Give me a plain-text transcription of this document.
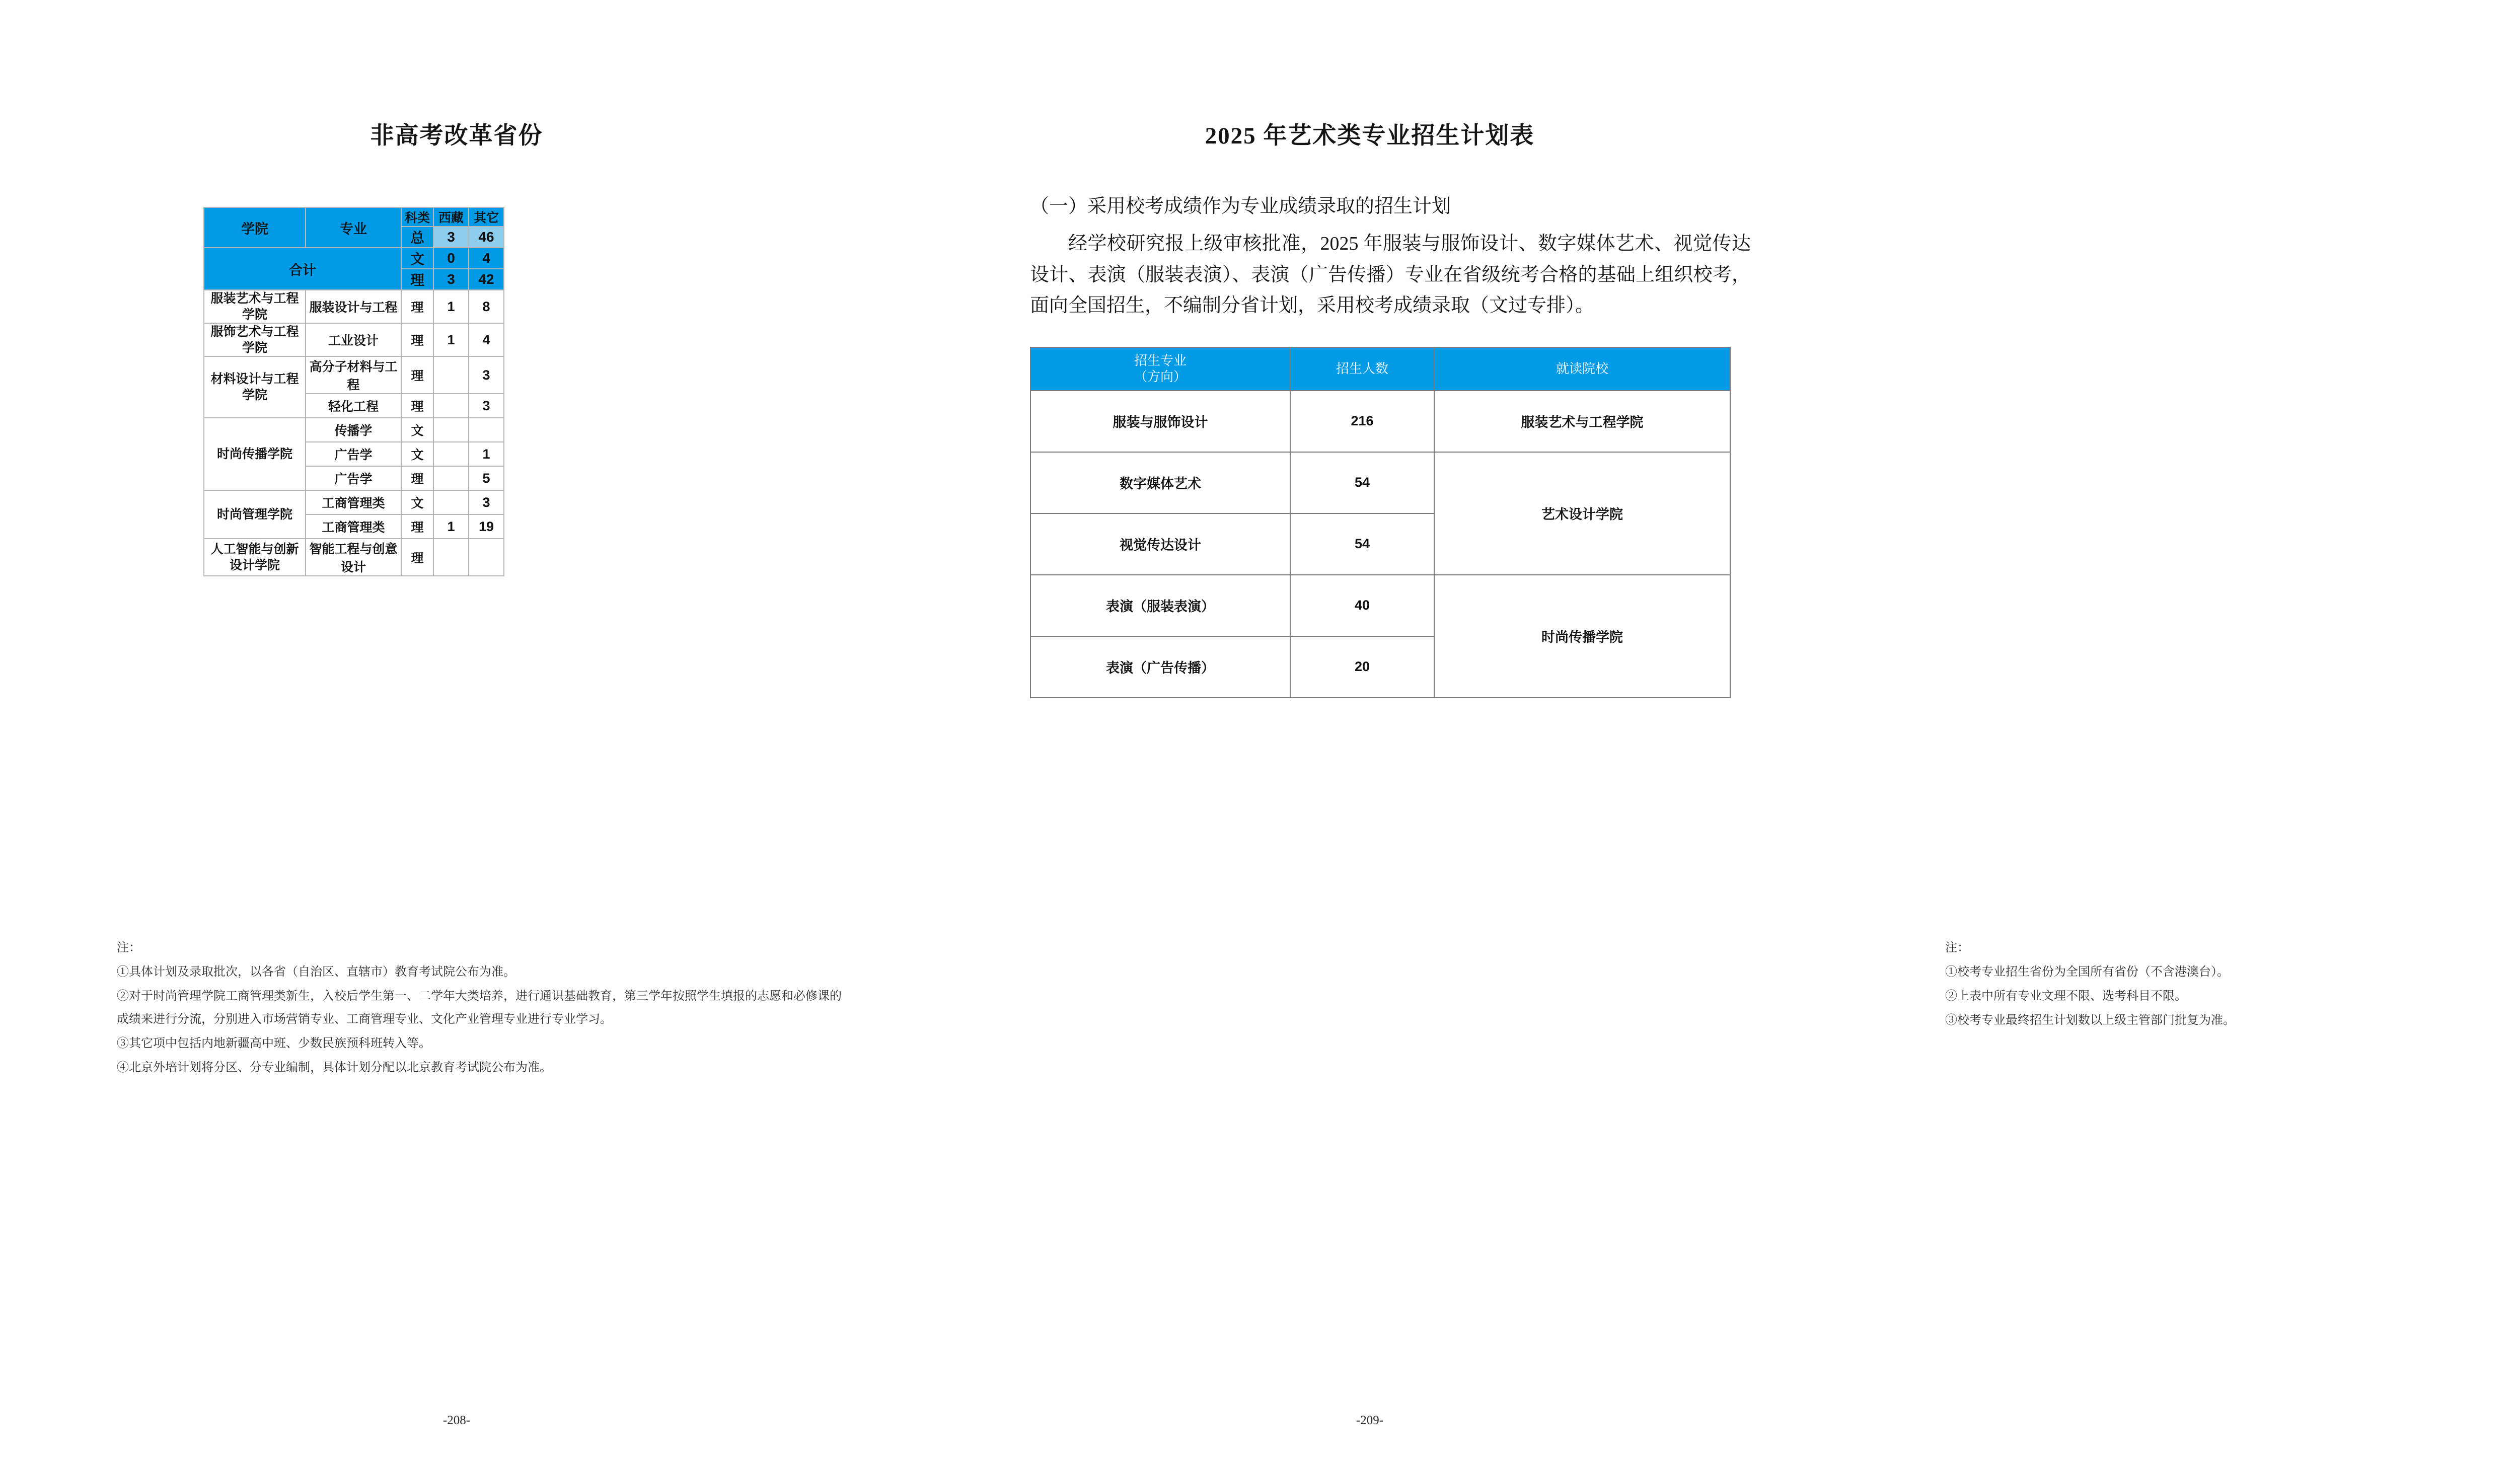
非高考改革省份
学院	专业	科类	西藏	其它
		总	3	46
合计		文	0	4
		理	3	42
服装艺术与工程学院	服装设计与工程	理	1	8
服饰艺术与工程学院	工业设计	理	1	4
材料设计与工程学院	高分子材料与工程	理		3
	轻化工程	理		3
时尚传播学院	传播学	文		
	广告学	文		1
	广告学	理		5
时尚管理学院	工商管理类	文		3
	工商管理类	理	1	19
人工智能与创新设计学院	智能工程与创意设计	理		
注：
①具体计划及录取批次，以各省（自治区、直辖市）教育考试院公布为准。
②对于时尚管理学院工商管理类新生，入校后学生第一、二学年大类培养，进行通识基础教育，第三学年按照学生填报的志愿和必修课的成绩来进行分流，分别进入市场营销专业、工商管理专业、文化产业管理专业进行专业学习。
③其它项中包括内地新疆高中班、少数民族预科班转入等。
④北京外培计划将分区、分专业编制，具体计划分配以北京教育考试院公布为准。
-208-
2025 年艺术类专业招生计划表
（一）采用校考成绩作为专业成绩录取的招生计划
经学校研究报上级审核批准，2025 年服装与服饰设计、数字媒体艺术、视觉传达设计、表演（服装表演）、表演（广告传播）专业在省级统考合格的基础上组织校考，面向全国招生，不编制分省计划，采用校考成绩录取（文过专排）。
招生专业
（方向）	招生人数	就读院校
服装与服饰设计	216	服装艺术与工程学院
数字媒体艺术	54	艺术设计学院
视觉传达设计	54	
表演（服装表演）	40	时尚传播学院
表演（广告传播）	20	
注：
①校考专业招生省份为全国所有省份（不含港澳台）。
②上表中所有专业文理不限、选考科目不限。
③校考专业最终招生计划数以上级主管部门批复为准。
-209-
